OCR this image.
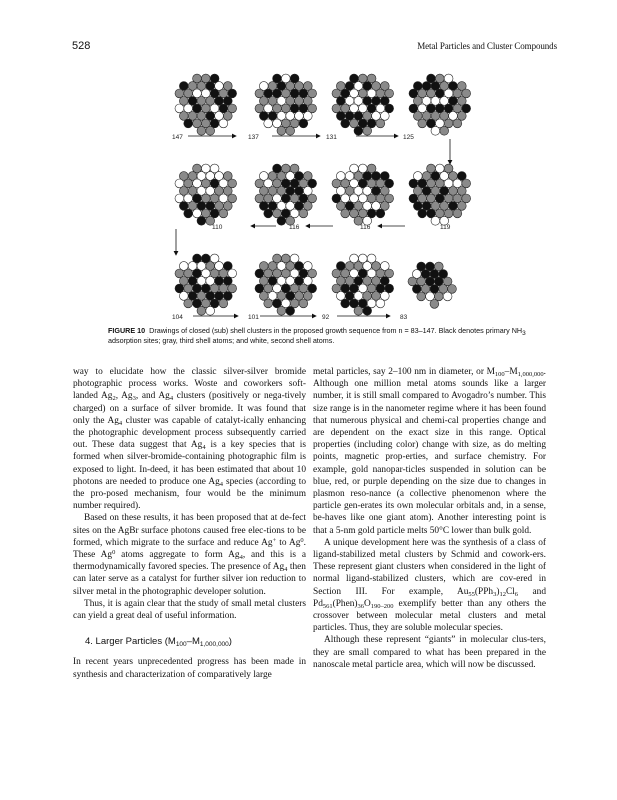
528	Metal Particles and Cluster Compounds
147	137	131	125
110	116	116	119
104	101	92	83
FIGURE 10 Drawings of closed (sub) shell clusters in the proposed growth sequence from n = 83–147. Black denotes primary $NH_3$ adsorption sites; gray, third shell atoms; and white, second shell atoms.

way to elucidate how the classic silver-silver bromide photographic process works. Woste and coworkers soft-landed $Ag_2$, $Ag_3$, and $Ag_4$ clusters (positively or nega-tively charged) on a surface of silver bromide. It was found that only the $Ag_4$ cluster was capable of catalyt-ically enhancing the photographic development process subsequently carried out. These data suggest that $Ag_4$ is a key species that is formed when silver-bromide-containing photographic film is exposed to light. In-deed, it has been estimated that about 10 photons are needed to produce one $Ag_4$ species (according to the pro-posed mechanism, four would be the minimum number required).

Based on these results, it has been proposed that at de-fect sites on the AgBr surface photons caused free elec-tions to be formed, which migrate to the surface and reduce Ag+ to Ag$^0$. These Ag$^0$ atoms aggregate to form $Ag_4$, and this is a thermodynamically favored species. The presence of $Ag_4$ then can later serve as a catalyst for further silver ion reduction to silver metal in the photographic developer solution.

Thus, it is again clear that the study of small metal clusters can yield a great deal of useful information.

4. Larger Particles $(M_{100}-M_{1,000,000})$

In recent years unprecedented progress has been made in synthesis and characterization of comparatively large

metal particles, say 2–100 nm in diameter, or $M_{100}-M_{1,000,000}$. Although one million metal atoms sounds like a larger number, it is still small compared to Avogadro’s number. This size range is in the nanometer regime where it has been found that numerous physical and chemi-cal properties change and are dependent on the exact size in this range. Optical properties (including color) change with size, as do melting points, magnetic prop-erties, and surface chemistry. For example, gold nanopar-ticles suspended in solution can be blue, red, or purple depending on the size due to changes in plasmon reso-nance (a collective phenomenon where the particle gen-erates its own molecular orbitals and, in a sense, be-haves like one giant atom). Another interesting point is that a 5-nm gold particle melts 50°C lower than bulk gold.

A unique development here was the synthesis of a class of ligand-stabilized metal clusters by Schmid and cowork-ers. These represent giant clusters when considered in the light of normal ligand-stabilized clusters, which are cov-ered in Section III. For example, $Au_{55}(PPh_3)_{12}Cl_6$ and $Pd_{561}(Phen)_{36}O_{190-200}$ exemplify better than any others the crossover between molecular metal clusters and metal particles. Thus, they are soluble molecular species.

Although these represent “giants” in molecular clus-ters, they are small compared to what has been prepared in the nanoscale metal particle area, which will now be discussed.
